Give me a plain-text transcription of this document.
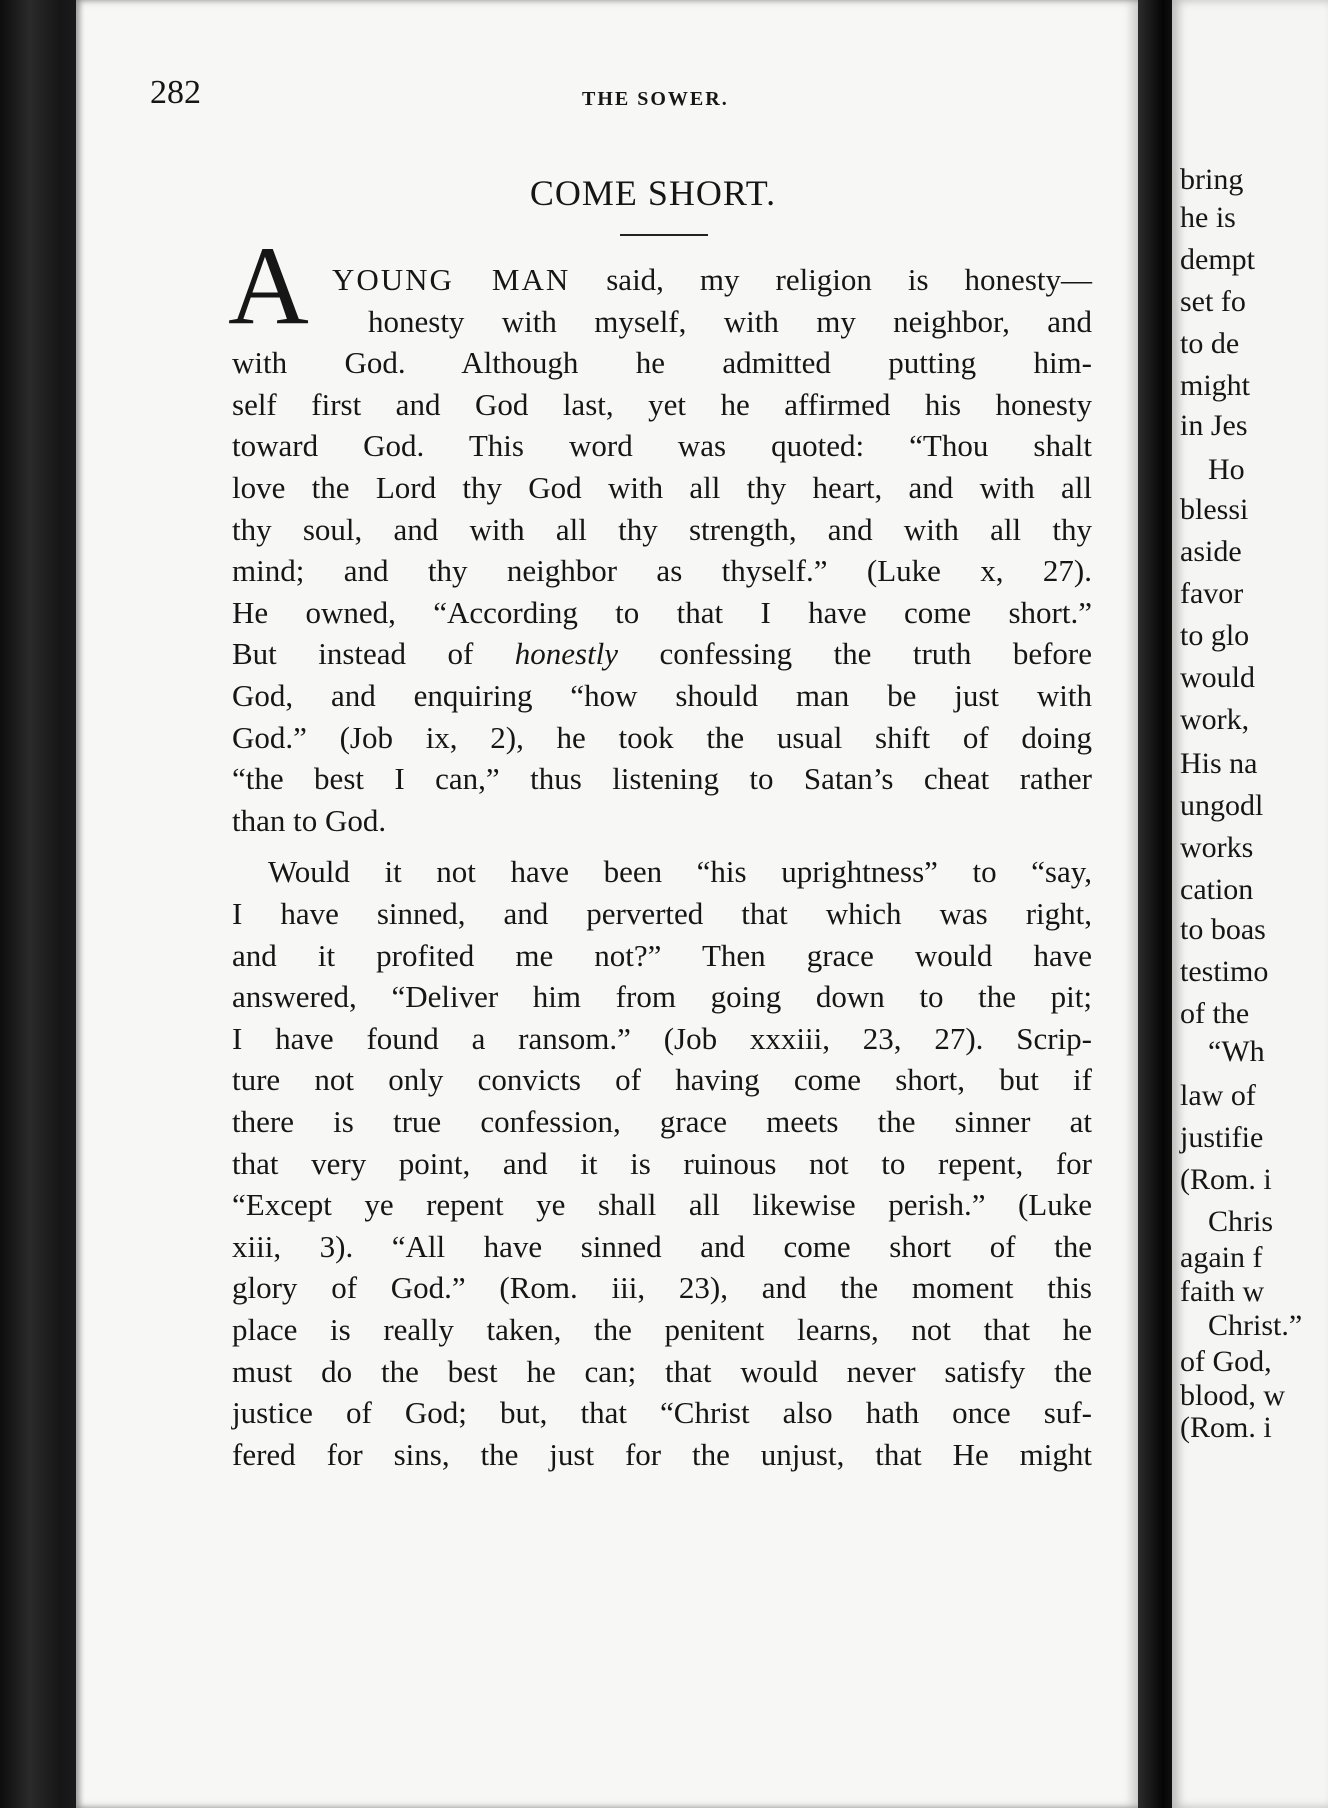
bring
he is
dempt
set fo
to de
might
in Jes
Ho
blessi
aside
favor
to glo
would
work,
His na
ungodl
works
cation
to boas
testimo
of the
“Wh
law of
justifie
(Rom. i
Chris
again f
faith w
Christ.”
of God,
blood, w
(Rom. i
282	THE SOWER.
COME SHORT.
A YOUNG MAN said, my religion is honesty—
honesty with myself, with my neighbor, and
with God. Although he admitted putting him-
self first and God last, yet he affirmed his honesty
toward God. This word was quoted: “Thou shalt
love the Lord thy God with all thy heart, and with all
thy soul, and with all thy strength, and with all thy
mind; and thy neighbor as thyself.” (Luke x, 27).
He owned, “According to that I have come short.”
But instead of honestly confessing the truth before
God, and enquiring “how should man be just with
God.” (Job ix, 2), he took the usual shift of doing
“the best I can,” thus listening to Satan’s cheat rather
than to God.
Would it not have been “his uprightness” to “say,
I have sinned, and perverted that which was right,
and it profited me not?” Then grace would have
answered, “Deliver him from going down to the pit;
I have found a ransom.” (Job xxxiii, 23, 27). Scrip-
ture not only convicts of having come short, but if
there is true confession, grace meets the sinner at
that very point, and it is ruinous not to repent, for
“Except ye repent ye shall all likewise perish.” (Luke
xiii, 3). “All have sinned and come short of the
glory of God.” (Rom. iii, 23), and the moment this
place is really taken, the penitent learns, not that he
must do the best he can; that would never satisfy the
justice of God; but, that “Christ also hath once suf-
fered for sins, the just for the unjust, that He might
